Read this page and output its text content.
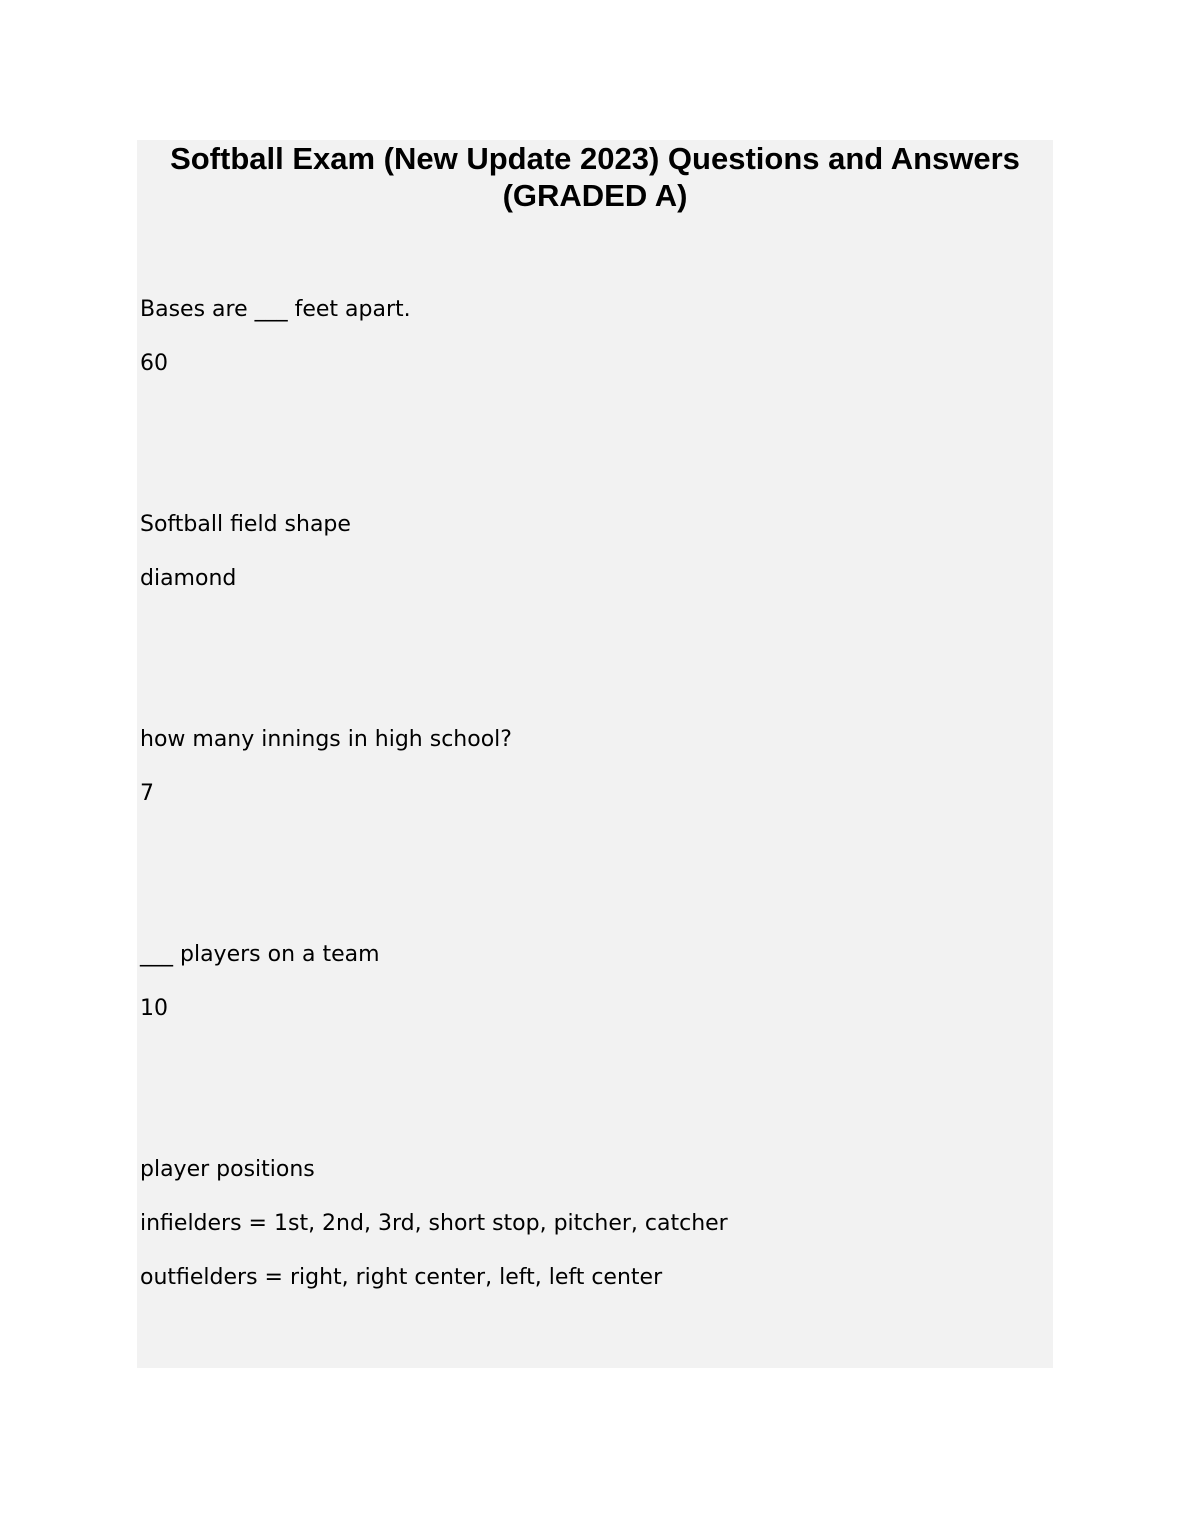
Softball Exam (New Update 2023) Questions and Answers (GRADED A)
Bases are ___ feet apart.
60
Softball field shape
diamond
how many innings in high school?
7
___ players on a team
10
player positions
infielders = 1st, 2nd, 3rd, short stop, pitcher, catcher
outfielders = right, right center, left, left center
